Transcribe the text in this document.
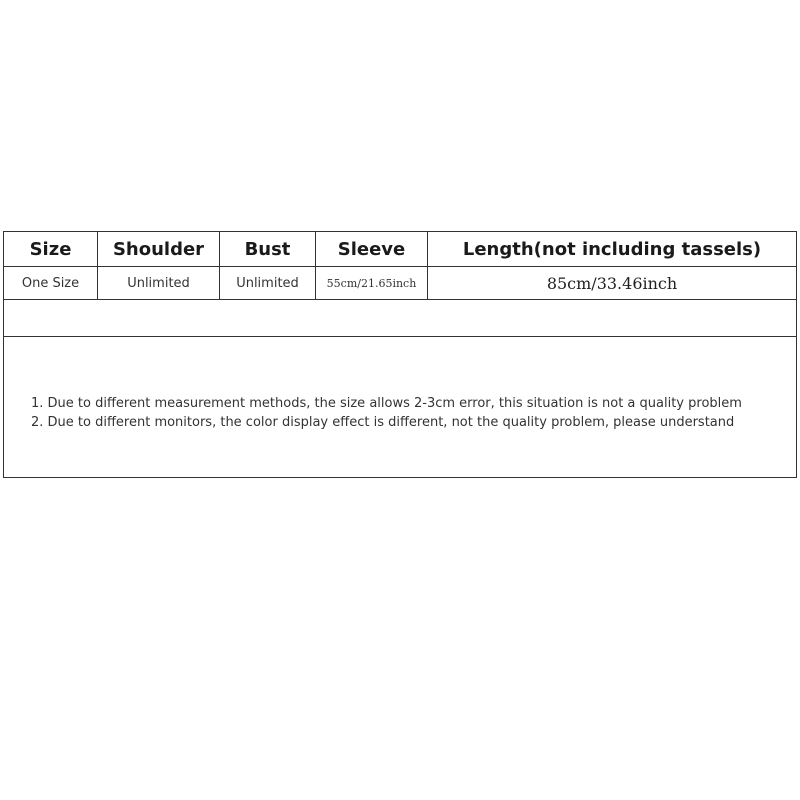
Size	Shoulder	Bust	Sleeve	Length(not including tassels)
One Size	Unlimited	Unlimited	55cm/21.65inch	85cm/33.46inch
1. Due to different measurement methods, the size allows 2-3cm error, this situation is not a quality problem
2. Due to different monitors, the color display effect is different, not the quality problem, please understand
